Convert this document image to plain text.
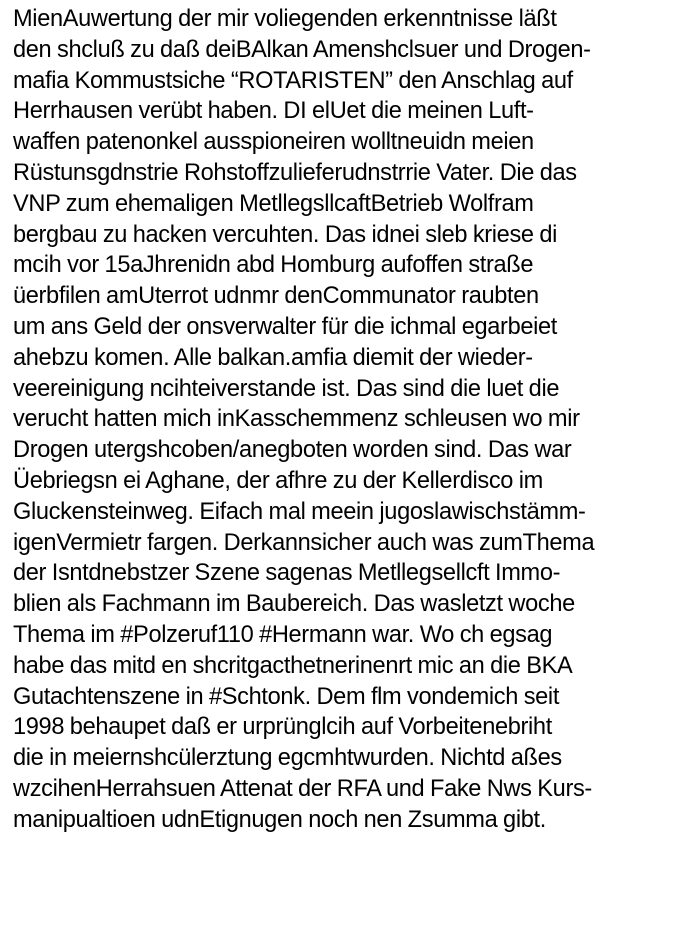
MienAuwertung der mir voliegenden erkenntnisse läßt
den shcluß zu daß deiBAlkan Amenshclsuer und Drogen-
mafia Kommustsiche “ROTARISTEN” den Anschlag auf
Herrhausen verübt haben. DI elUet die meinen Luft-
waffen patenonkel ausspioneiren wolltneuidn meien
Rüstunsgdnstrie Rohstoffzulieferudnstrrie Vater. Die das
VNP zum ehemaligen MetllegsllcaftBetrieb Wolfram
bergbau zu hacken vercuhten. Das idnei sleb kriese di
mcih vor 15aJhrenidn abd Homburg aufoffen straße
üerbfilen amUterrot udnmr denCommunator raubten
um ans Geld der onsverwalter für die ichmal egarbeiet
ahebzu komen. Alle balkan.amfia diemit der wieder-
veereinigung ncihteiverstande ist. Das sind die luet die
verucht hatten mich inKasschemmenz schleusen wo mir
Drogen utergshcoben/anegboten worden sind. Das war
Üebriegsn ei Aghane, der afhre zu der Kellerdisco im
Gluckensteinweg. Eifach mal meein jugoslawischstämm-
igenVermietr fargen. Derkannsicher auch was zumThema
der Isntdnebstzer Szene sagenas Metllegsellcft Immo-
blien als Fachmann im Baubereich. Das wasletzt woche
Thema im #Polzeruf110 #Hermann war. Wo ch egsag
habe das mitd en shcritgacthetnerinenrt mic an die BKA
Gutachtenszene in #Schtonk. Dem flm vondemich seit
1998 behaupet daß er urprünglcih auf Vorbeitenebriht
die in meiernshcülerztung egcmhtwurden. Nichtd aßes
wzcihenHerrahsuen Attenat der RFA und Fake Nws Kurs-
manipualtioen udnEtignugen noch nen Zsumma gibt.
